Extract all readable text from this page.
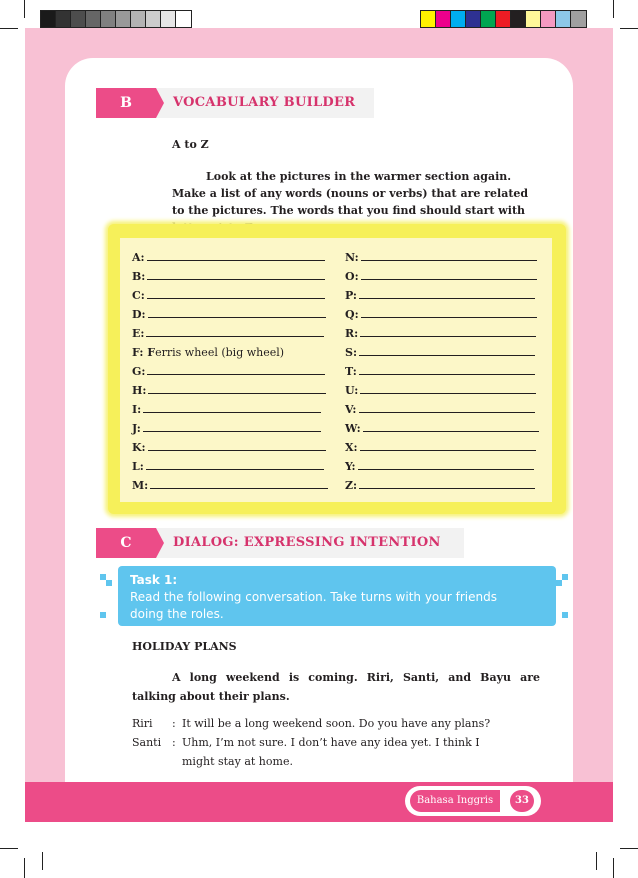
B	VOCABULARY BUILDER
A to Z
Look at the pictures in the warmer section again. Make a list of any words (nouns or verbs) that are related to the pictures. The words that you find should start with
A:
B:
C:
D:
E:
F: Ferris wheel (big wheel)
G:
H:
I:
J:
K:
L:
M:
N:
O:
P:
Q:
R:
S:
T:
U:
V:
W:
X:
Y:
Z:
C	DIALOG: EXPRESSING INTENTION
Task 1:
Read the following conversation. Take turns with your friends
doing the roles.
HOLIDAY PLANS
A long weekend is coming. Riri, Santi, and Bayu are talking about their plans.
Riri	: It will be a long weekend soon. Do you have any plans?
Santi : Uhm, I’m not sure. I don’t have any idea yet. I think I might stay at home.
Bahasa Inggris	33
